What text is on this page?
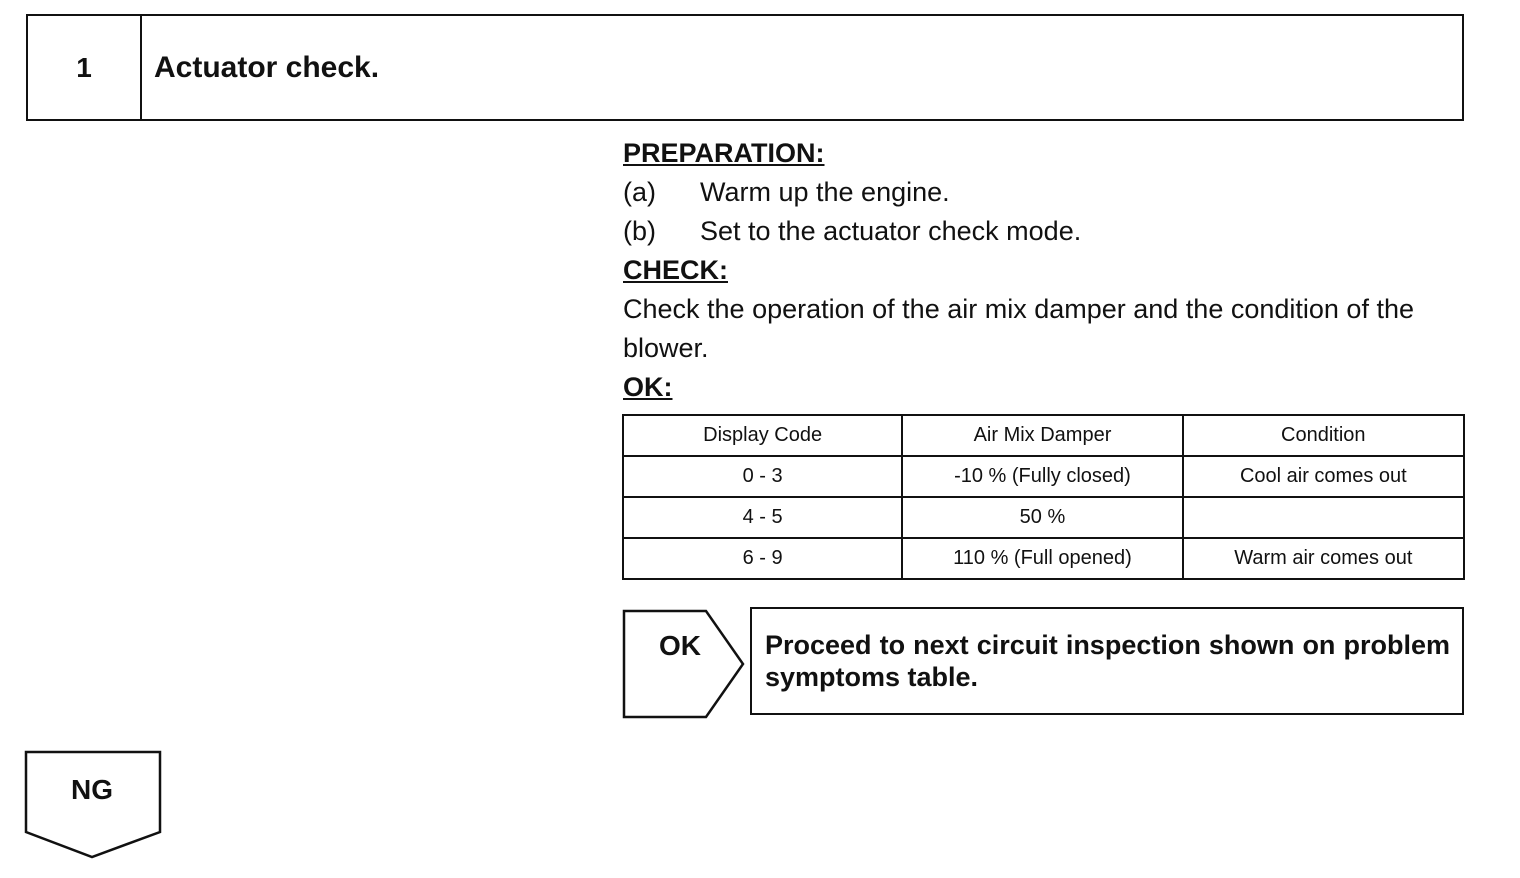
1	Actuator check.

PREPARATION:

(a)	Warm up the engine.
(b)	Set to the actuator check mode.

CHECK:

Check the operation of the air mix damper and the condition of the blower.

OK:

Display Code	Air Mix Damper	Condition
0 - 3	-10 % (Fully closed)	Cool air comes out
4 - 5	50 %	
6 - 9	110 % (Full opened)	Warm air comes out
OK	Proceed to next circuit inspection shown on problem symptoms table.
NG
